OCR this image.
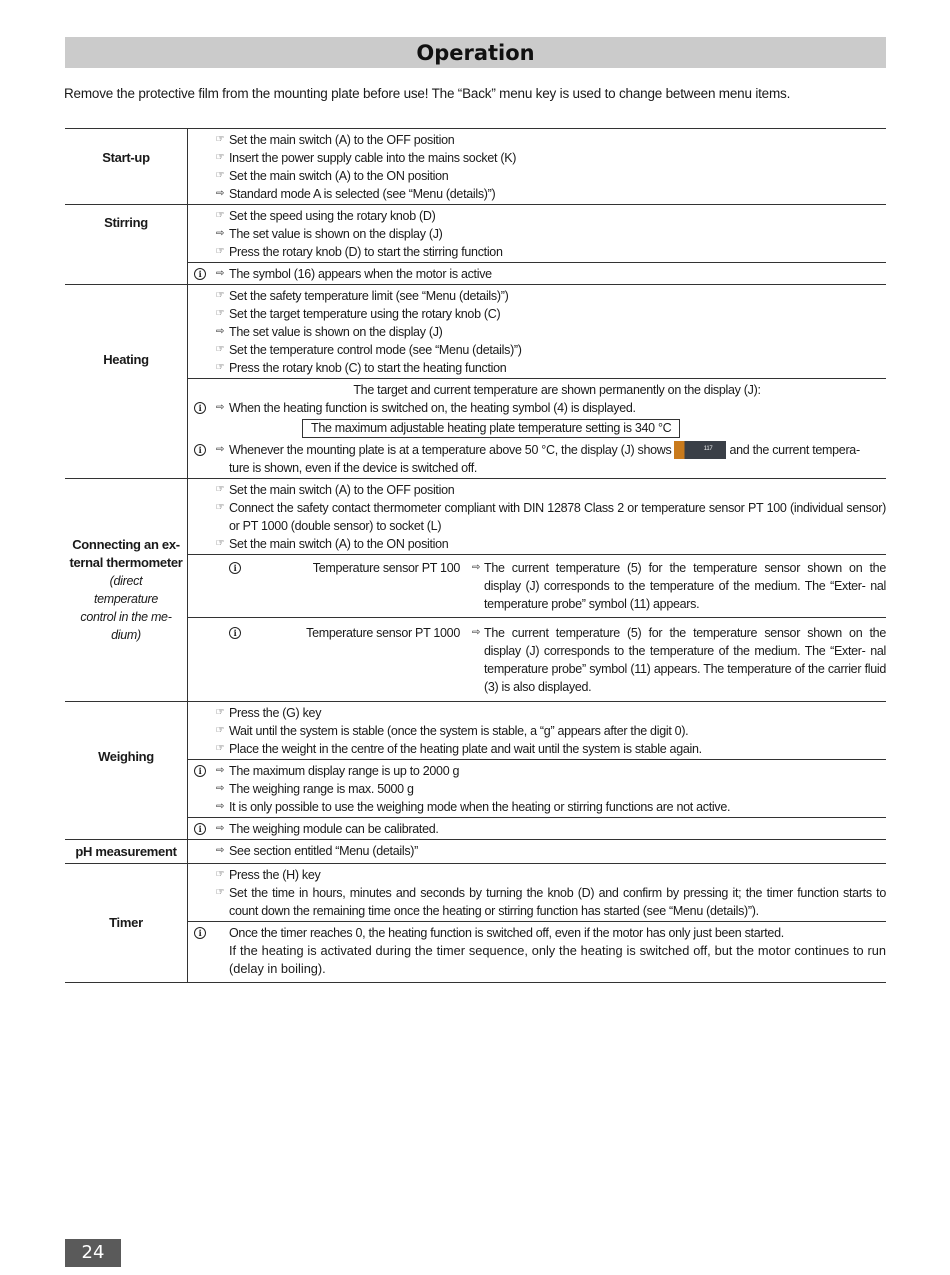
Operation
Remove the protective film from the mounting plate before use! The “Back” menu key is used to change between menu items.
Start-up
☞ Set the main switch (A) to the OFF position
☞ Insert the power supply cable into the mains socket (K)
☞ Set the main switch (A) to the ON position
⇨ Standard mode A is selected (see “Menu (details)”)
Stirring	☞ Set the speed using the rotary knob (D)
⇨ The set value is shown on the display (J)
☞ Press the rotary knob (D) to start the stirring function
i	⇨ The symbol (16) appears when the motor is active
Heating
☞ Set the safety temperature limit (see “Menu (details)”)
☞ Set the target temperature using the rotary knob (C)
⇨ The set value is shown on the display (J)
☞ Set the temperature control mode (see “Menu (details)”)
☞ Press the rotary knob (C) to start the heating function
The target and current temperature are shown permanently on the display (J):
i	⇨ When the heating function is switched on, the heating symbol (4) is displayed.
The maximum adjustable heating plate temperature setting is 340 °C
i	⇨ Whenever the mounting plate is at a temperature above 50 °C, the display (J) shows	117 and the current tempera-
ture is shown, even if the device is switched off.
Connecting an ex-
ternal thermometer
(direct temperature control in the me- dium)
☞ Set the main switch (A) to the OFF position
☞ Connect the safety contact thermometer compliant with DIN 12878 Class 2 or temperature sensor PT 100 (individual sensor) or PT 1000 (double sensor) to socket (L)
☞ Set the main switch (A) to the ON position
i	Temperature sensor PT 100	⇨ The current temperature (5) for the temperature sensor shown on the display (J) corresponds to the temperature of the medium. The “Exter- nal temperature probe” symbol (11) appears.
i	Temperature sensor PT 1000	⇨ The current temperature (5) for the temperature sensor shown on the display (J) corresponds to the temperature of the medium. The “Exter- nal temperature probe” symbol (11) appears. The temperature of the carrier fluid (3) is also displayed.
Weighing
☞ Press the (G) key
☞ Wait until the system is stable (once the system is stable, a “g” appears after the digit 0).
☞ Place the weight in the centre of the heating plate and wait until the system is stable again.
i	⇨ The maximum display range is up to 2000 g
⇨ The weighing range is max. 5000 g
⇨ It is only possible to use the weighing mode when the heating or stirring functions are not active.
i	⇨ The weighing module can be calibrated.
pH measurement	⇨ See section entitled “Menu (details)”
Timer
☞ Press the (H) key
☞ Set the time in hours, minutes and seconds by turning the knob (D) and confirm by pressing it; the timer function starts to count down the remaining time once the heating or stirring function has started (see “Menu (details)”).
i	Once the timer reaches 0, the heating function is switched off, even if the motor has only just been started.
If the heating is activated during the timer sequence, only the heating is switched off, but the motor continues to run (delay in boiling).
24
